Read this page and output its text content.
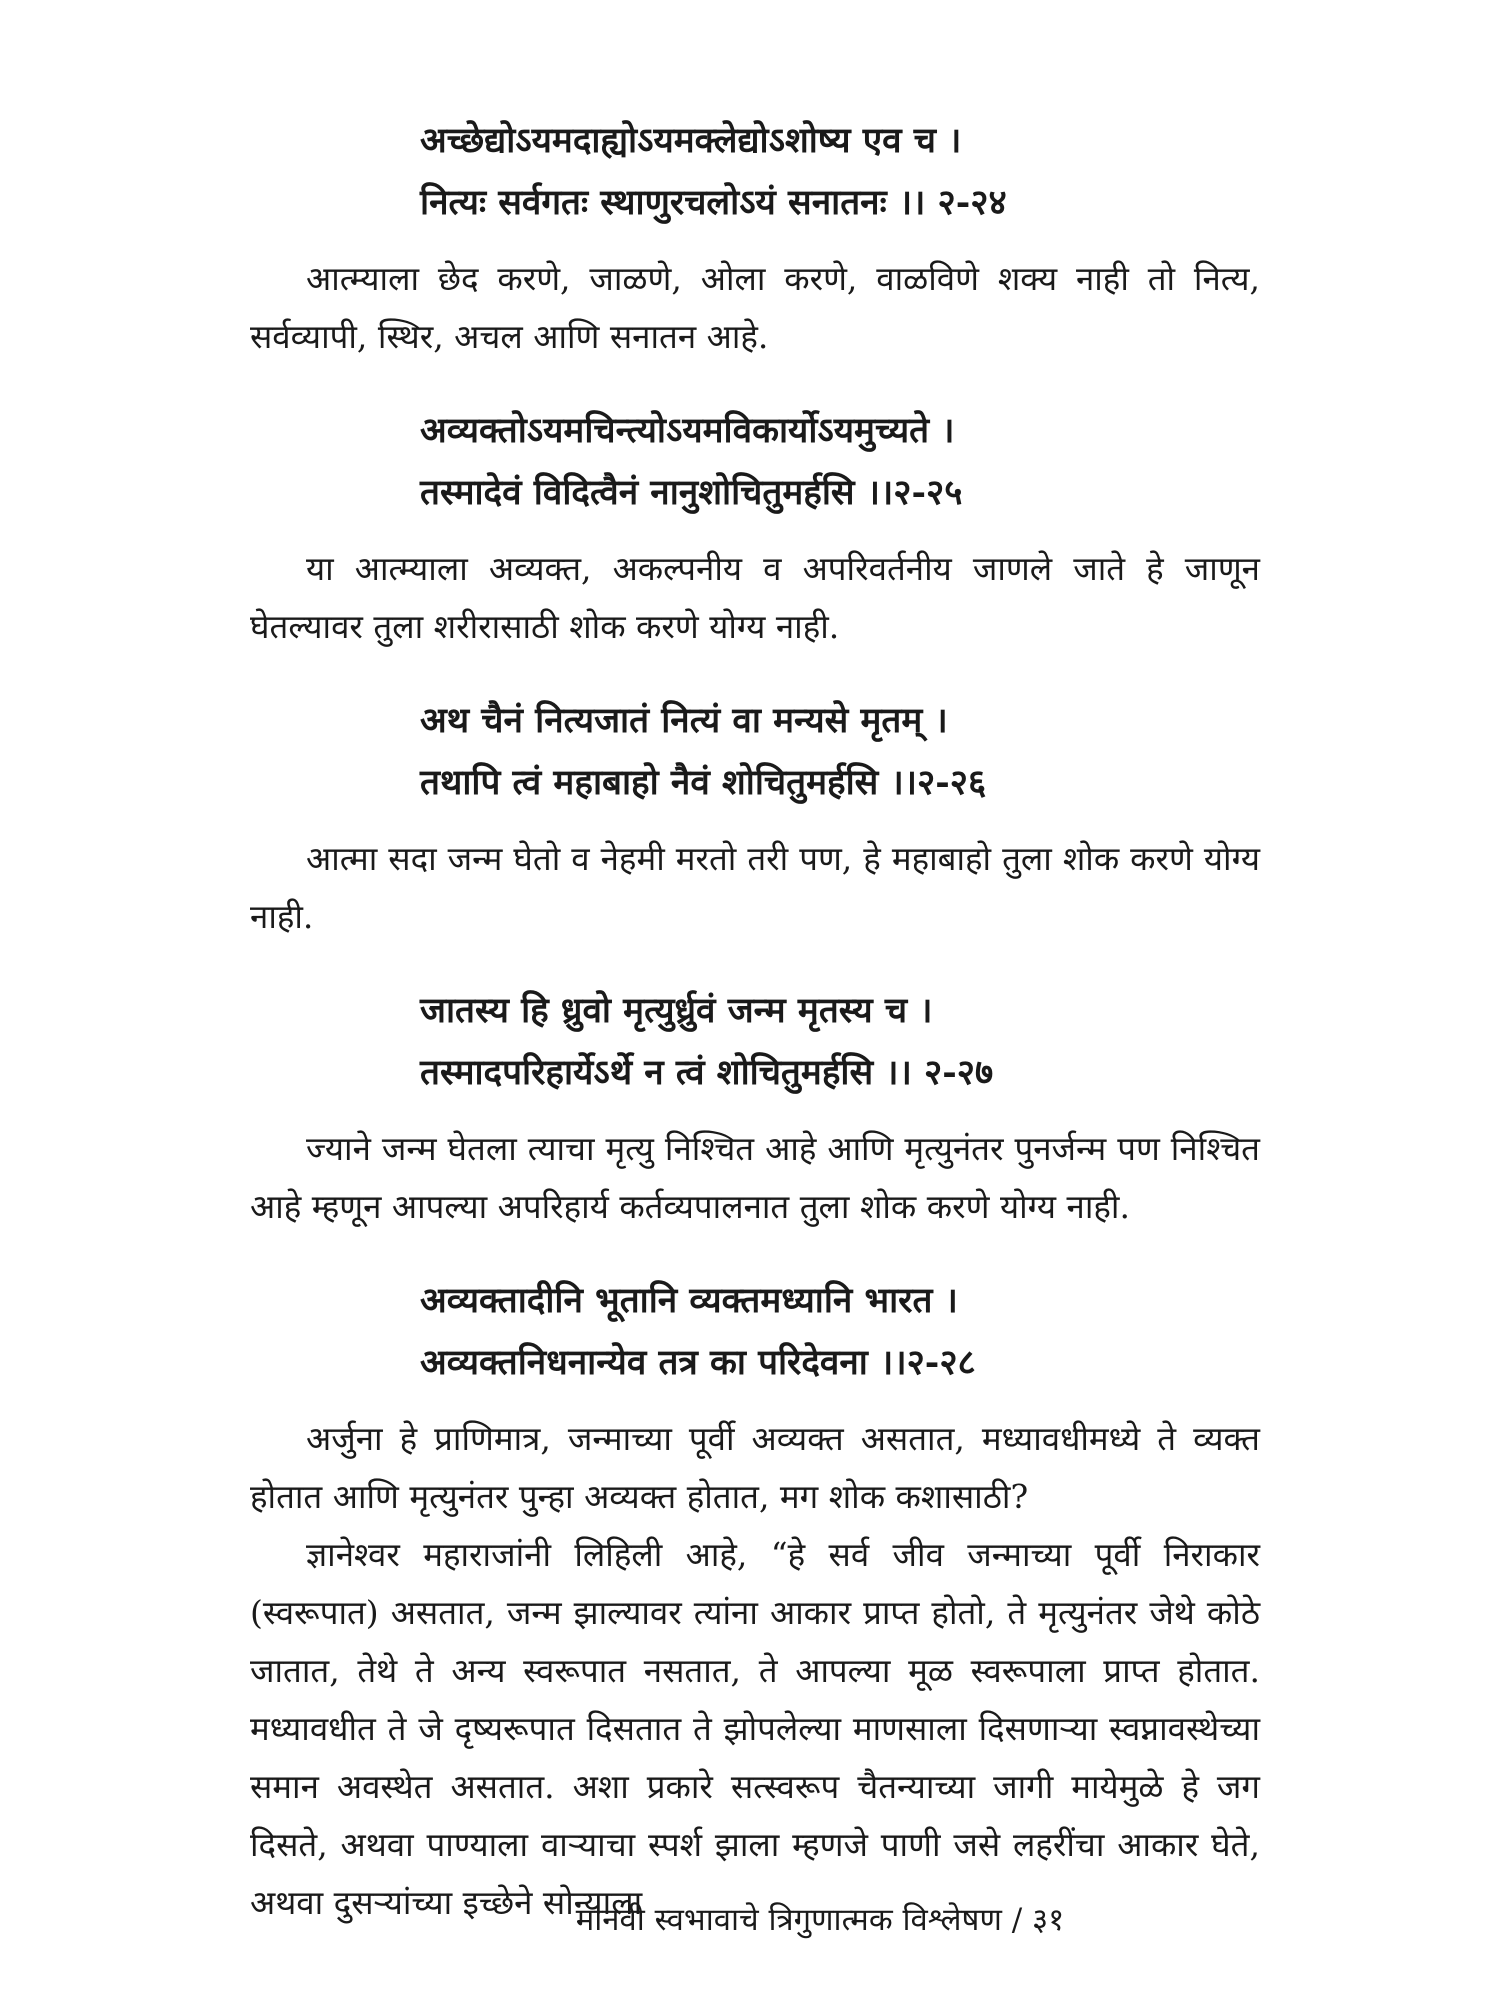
अच्छेद्योऽयमदाह्योऽयमक्लेद्योऽशोष्य एव च ।

नित्यः सर्वगतः स्थाणुरचलोऽयं सनातनः ।। २-२४

आत्म्याला छेद करणे, जाळणे, ओला करणे, वाळविणे शक्य नाही तो नित्य, सर्वव्यापी, स्थिर, अचल आणि सनातन आहे.

अव्यक्तोऽयमचिन्त्योऽयमविकार्योऽयमुच्यते ।

तस्मादेवं विदित्वैनं नानुशोचितुमर्हसि ।।२-२५

या आत्म्याला अव्यक्त, अकल्पनीय व अपरिवर्तनीय जाणले जाते हे जाणून घेतल्यावर तुला शरीरासाठी शोक करणे योग्य नाही.

अथ चैनं नित्यजातं नित्यं वा मन्यसे मृतम् ।

तथापि त्वं महाबाहो नैवं शोचितुमर्हसि ।।२-२६

आत्मा सदा जन्म घेतो व नेहमी मरतो तरी पण, हे महाबाहो तुला शोक करणे योग्य नाही.

जातस्य हि ध्रुवो मृत्युर्ध्रुवं जन्म मृतस्य च ।

तस्मादपरिहार्येऽर्थे न त्वं शोचितुमर्हसि ।। २-२७

ज्याने जन्म घेतला त्याचा मृत्यु निश्चित आहे आणि मृत्युनंतर पुनर्जन्म पण निश्चित आहे म्हणून आपल्या अपरिहार्य कर्तव्यपालनात तुला शोक करणे योग्य नाही.

अव्यक्तादीनि भूतानि व्यक्तमध्यानि भारत ।

अव्यक्तनिधनान्येव तत्र का परिदेवना ।।२-२८

अर्जुना हे प्राणिमात्र, जन्माच्या पूर्वी अव्यक्त असतात, मध्यावधीमध्ये ते व्यक्त होतात आणि मृत्युनंतर पुन्हा अव्यक्त होतात, मग शोक कशासाठी?

ज्ञानेश्वर महाराजांनी लिहिली आहे, “हे सर्व जीव जन्माच्या पूर्वी निराकार (स्वरूपात) असतात, जन्म झाल्यावर त्यांना आकार प्राप्त होतो, ते मृत्युनंतर जेथे कोठे जातात, तेथे ते अन्य स्वरूपात नसतात, ते आपल्या मूळ स्वरूपाला प्राप्त होतात. मध्यावधीत ते जे दृष्यरूपात दिसतात ते झोपलेल्या माणसाला दिसणाऱ्या स्वप्नावस्थेच्या समान अवस्थेत असतात. अशा प्रकारे सत्स्वरूप चैतन्याच्या जागी मायेमुळे हे जग दिसते, अथवा पाण्याला वाऱ्याचा स्पर्श झाला म्हणजे पाणी जसे लहरींचा आकार घेते, अथवा दुसऱ्यांच्या इच्छेने सोन्याला

मानवी स्वभावाचे त्रिगुणात्मक विश्लेषण / ३१
